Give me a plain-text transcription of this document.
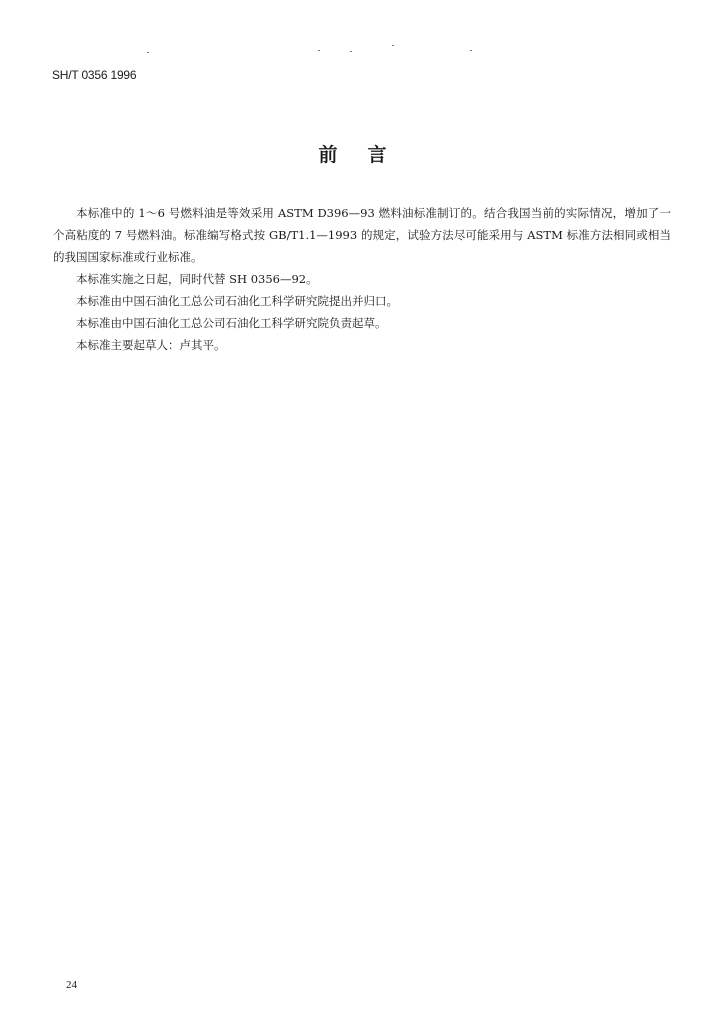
SH/T 0356 1996
前言

本标准中的 1～6 号燃料油是等效采用 ASTM D396—93 燃料油标准制订的。结合我国当前的实际情况，增加了一个高粘度的 7 号燃料油。标准编写格式按 GB/T1.1—1993 的规定，试验方法尽可能采用与 ASTM 标准方法相同或相当的我国国家标准或行业标准。

本标准实施之日起，同时代替 SH 0356—92。

本标准由中国石油化工总公司石油化工科学研究院提出并归口。

本标准由中国石油化工总公司石油化工科学研究院负责起草。

本标准主要起草人：卢其平。

24
